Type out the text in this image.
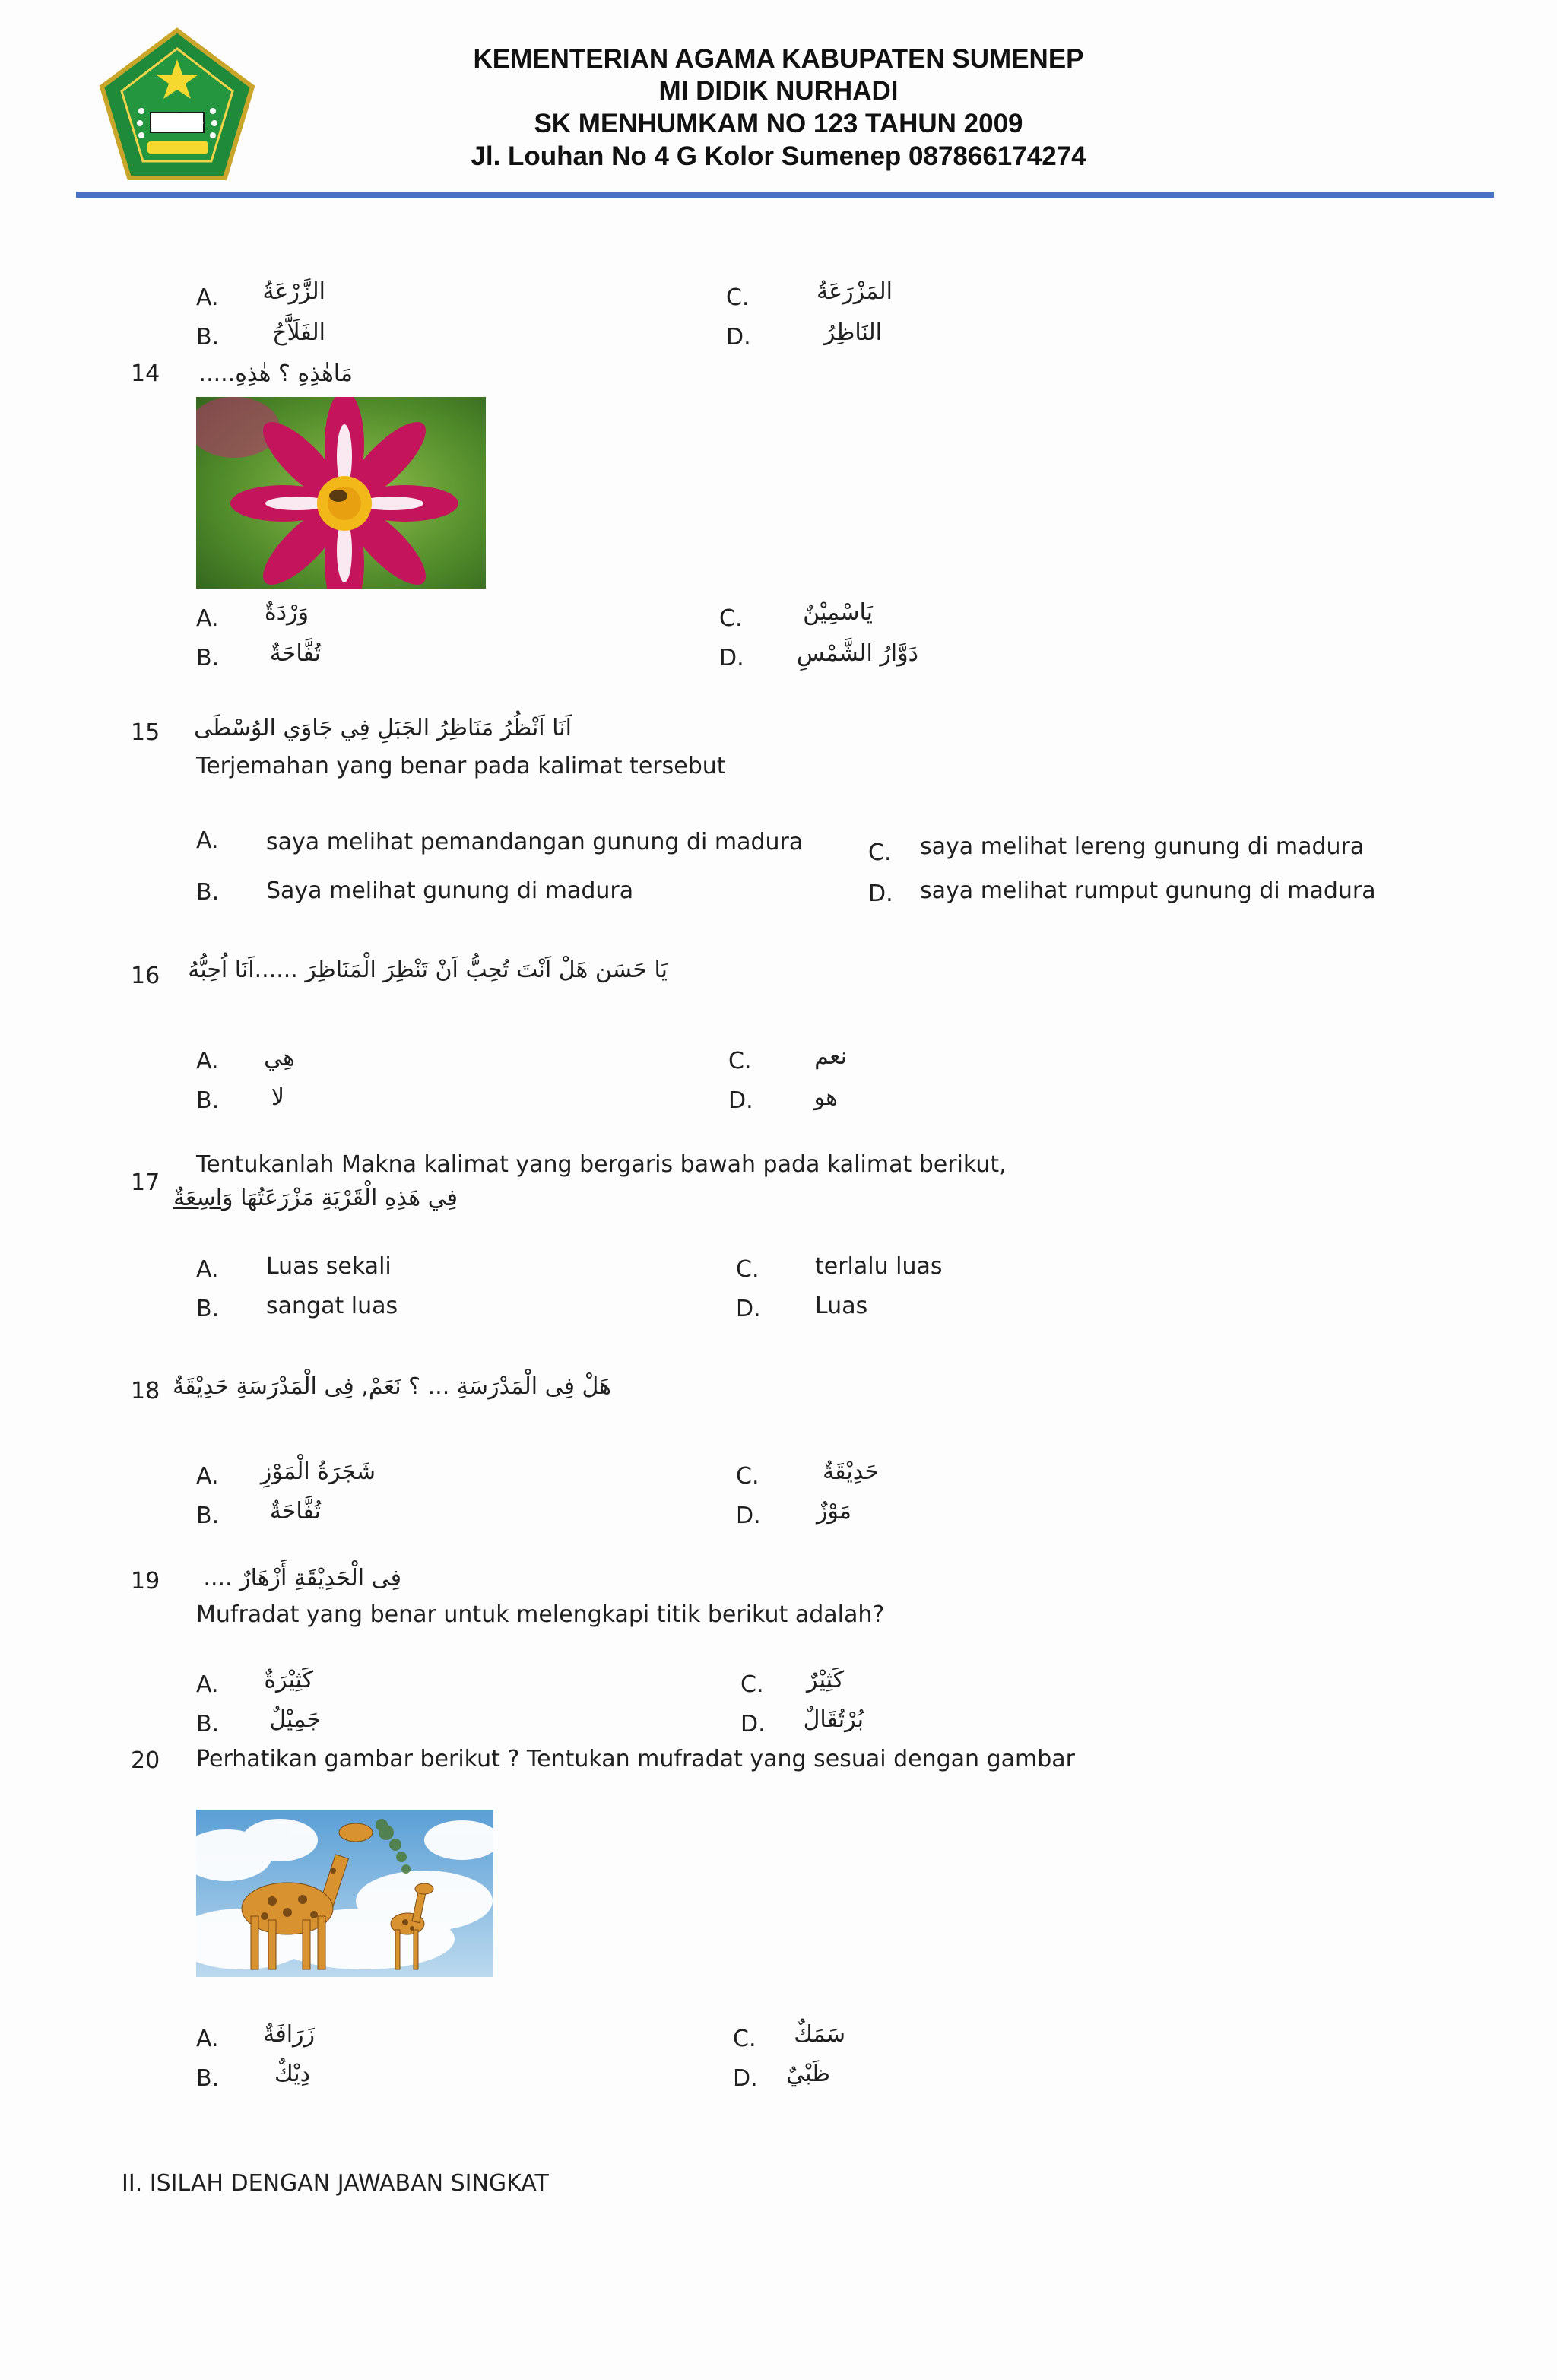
KEMENTERIAN AGAMA KABUPATEN SUMENEP
MI DIDIK NURHADI
SK MENHUMKAM NO 123 TAHUN 2009
Jl. Louhan No 4 G Kolor Sumenep 087866174274
A. الزَّرْعَةُ
B. الفَلَاَّحُ
C.	المَزْرَعَةُ
D.	النَاظِرُ
14 مَاهٰذِهِ ؟ هٰذِهِ.....
A. وَرْدَةٌ
B. تُفَّاحَةٌ
C.	يَاسْمِيْنٌ
D. دَوَّارُ الشَّمْسِ
15 اَنَا اَنْظُرُ مَنَاظِرُ الجَبَلِ فِي جَاوَي الوُسْطَى
Terjemahan yang benar pada kalimat tersebut
A. saya melihat pemandangan gunung di madura
B. Saya melihat gunung di madura
C. saya melihat lereng gunung di madura
D. saya melihat rumput gunung di madura
16 يَا حَسَن هَلْ اَنْتَ تُحِبُّ اَنْ تَنْظِرَ الْمَنَاظِرَ ......اَنَا اُحِبُّهُ
A. هِي
B. لا
C.	نعم
D.	هو
17
Tentukanlah Makna kalimat yang bergaris bawah pada kalimat berikut,
فِي هَذِهِ الْقَرْيَةِ مَزْرَعَتُهَا وَاسِعَةٌ
A. Luas sekali
B. sangat luas
C. terlalu luas
D. Luas
18 هَلْ فِى الْمَدْرَسَةِ ... ؟ نَعَمْ, فِى الْمَدْرَسَةِ حَدِيْقَةٌ
A. شَجَرَةُ الْمَوْزِ
B. تُفَّاحَةٌ
C.	حَدِيْقَةٌ
D. مَوْزٌ
19 فِى الْحَدِيْقَةِ أَزْهَارٌ ....
Mufradat yang benar untuk melengkapi titik berikut adalah?
A. كَثِيْرَةٌ
B. جَمِيْلٌ
C. كَثِيْرٌ
D. بُرْتُقَالٌ
20 Perhatikan gambar berikut ? Tentukan mufradat yang sesuai dengan gambar
A. زَرَافَةٌ
B. دِيْكٌ
C. سَمَكٌ
D. ظَبْيٌ
II. ISILAH DENGAN JAWABAN SINGKAT
